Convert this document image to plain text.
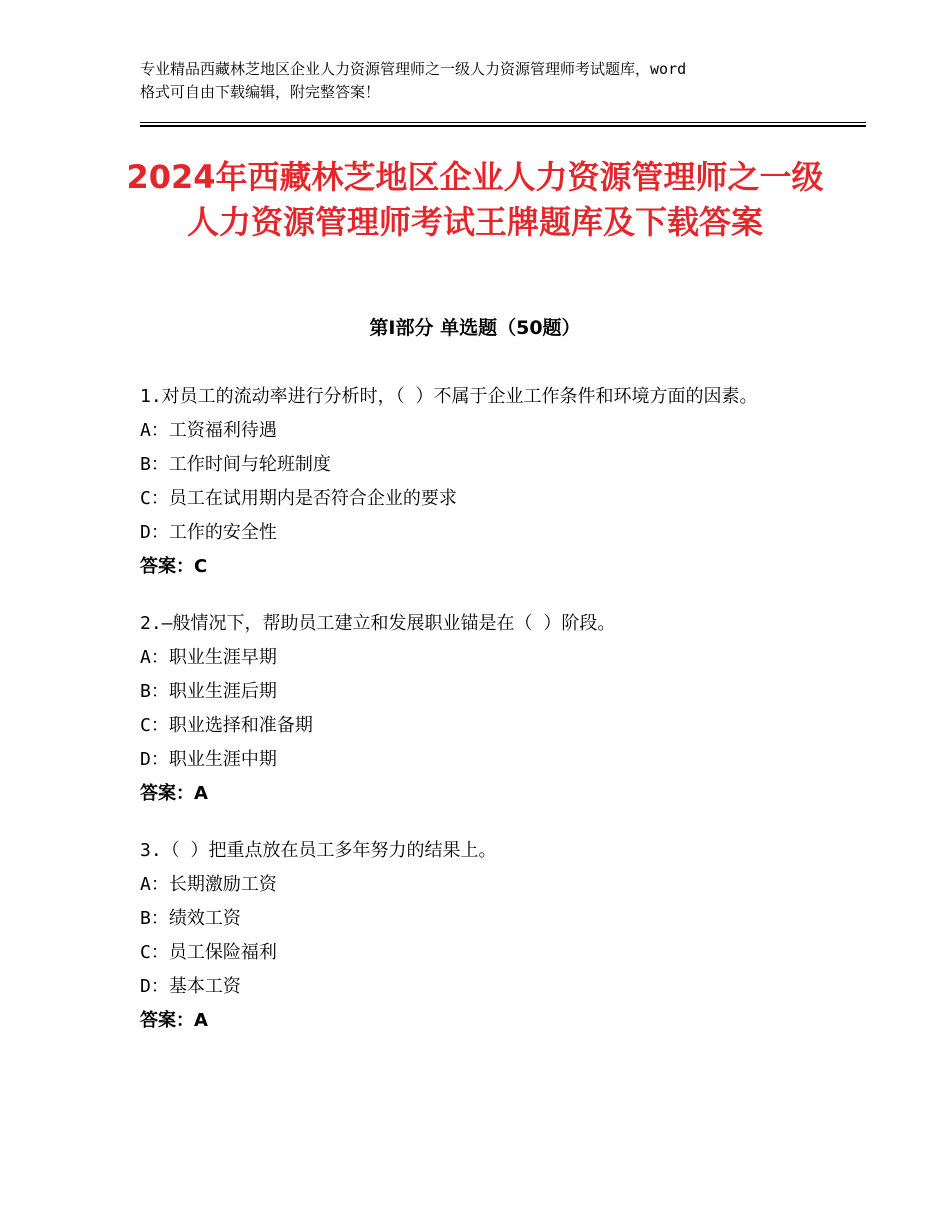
专业精品西藏林芝地区企业人力资源管理师之一级人力资源管理师考试题库，word
格式可自由下载编辑，附完整答案！
2024年西藏林芝地区企业人力资源管理师之一级人力资源管理师考试王牌题库及下载答案
第Ⅰ部分 单选题（50题）
1.对员工的流动率进行分析时，（ ）不属于企业工作条件和环境方面的因素。
A：工资福利待遇
B：工作时间与轮班制度
C：员工在试用期内是否符合企业的要求
D：工作的安全性
答案：C
2.—般情况下，帮助员工建立和发展职业锚是在（ ）阶段。
A：职业生涯早期
B：职业生涯后期
C：职业选择和准备期
D：职业生涯中期
答案：A
3.（ ）把重点放在员工多年努力的结果上。
A：长期激励工资
B：绩效工资
C：员工保险福利
D：基本工资
答案：A
